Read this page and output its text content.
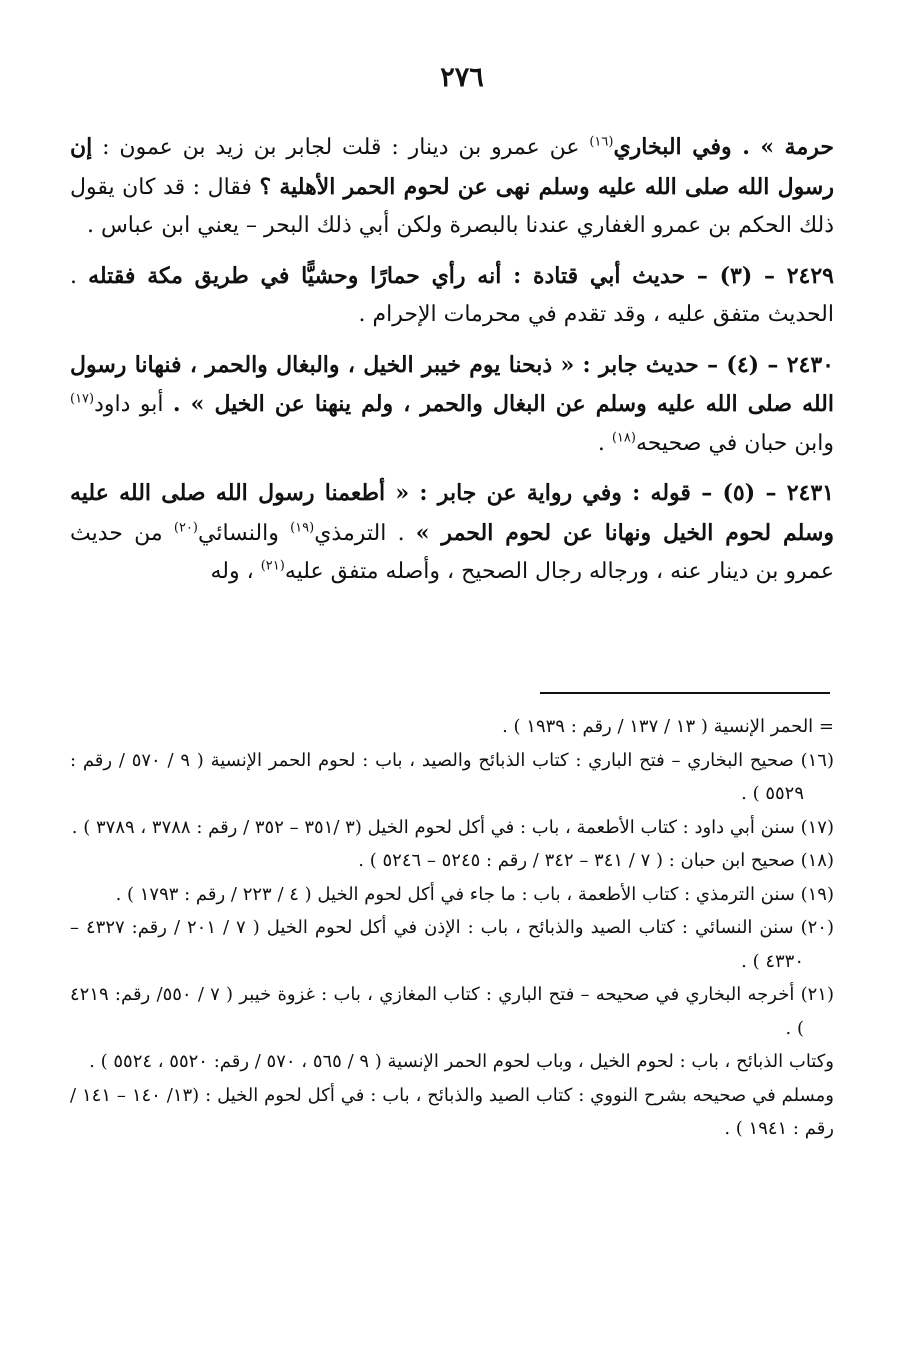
٢٧٦

حرمة » . وفي البخاري$^{(١٦)}$ عن عمرو بن دينار : قلت لجابر بن زيد بن عمون : إن رسول الله صلى الله عليه وسلم نهى عن لحوم الحمر الأهلية ؟ فقال : قد كان يقول ذلك الحكم بن عمرو الغفاري عندنا بالبصرة ولكن أبي ذلك البحر – يعني ابن عباس .

٢٤٢٩ – (٣) – حديث أبي قتادة : أنه رأي حمارًا وحشيًّا في طريق مكة فقتله . الحديث متفق عليه ، وقد تقدم في محرمات الإحرام .

٢٤٣٠ – (٤) – حديث جابر : « ذبحنا يوم خيبر الخيل ، والبغال والحمر ، فنهانا رسول الله صلى الله عليه وسلم عن البغال والحمر ، ولم ينهنا عن الخيل » . أبو داود$^{(١٧)}$ وابن حبان في صحيحه$^{(١٨)}$ .

٢٤٣١ – (٥) – قوله : وفي رواية عن جابر : « أطعمنا رسول الله صلى الله عليه وسلم لحوم الخيل ونهانا عن لحوم الحمر » . الترمذي$^{(١٩)}$ والنسائي$^{(٢٠)}$ من حديث عمرو بن دينار عنه ، ورجاله رجال الصحيح ، وأصله متفق عليه$^{(٢١)}$ ، وله

= الحمر الإنسية ( ١٣ / ١٣٧ / رقم : ١٩٣٩ ) .

(١٦) صحيح البخاري – فتح الباري : كتاب الذبائح والصيد ، باب : لحوم الحمر الإنسية ( ٩ / ٥٧٠ / رقم : ٥٥٢٩ ) .

(١٧) سنن أبي داود : كتاب الأطعمة ، باب : في أكل لحوم الخيل (٣ /٣٥١ – ٣٥٢ / رقم : ٣٧٨٨ ، ٣٧٨٩ ) .

(١٨) صحيح ابن حبان : ( ٧ / ٣٤١ – ٣٤٢ / رقم : ٥٢٤٥ – ٥٢٤٦ ) .

(١٩) سنن الترمذي : كتاب الأطعمة ، باب : ما جاء في أكل لحوم الخيل ( ٤ / ٢٢٣ / رقم : ١٧٩٣ ) .

(٢٠) سنن النسائي : كتاب الصيد والذبائح ، باب : الإذن في أكل لحوم الخيل ( ٧ / ٢٠١ / رقم: ٤٣٢٧ – ٤٣٣٠ ) .

(٢١) أخرجه البخاري في صحيحه – فتح الباري : كتاب المغازي ، باب : غزوة خيبر ( ٧ / ٥٥٠/ رقم: ٤٢١٩ ) .

وكتاب الذبائح ، باب : لحوم الخيل ، وباب لحوم الحمر الإنسية ( ٩ / ٥٦٥ ، ٥٧٠ / رقم: ٥٥٢٠ ، ٥٥٢٤ ) .

ومسلم في صحيحه بشرح النووي : كتاب الصيد والذبائح ، باب : في أكل لحوم الخيل : (١٣/ ١٤٠ – ١٤١ / رقم : ١٩٤١ ) .
